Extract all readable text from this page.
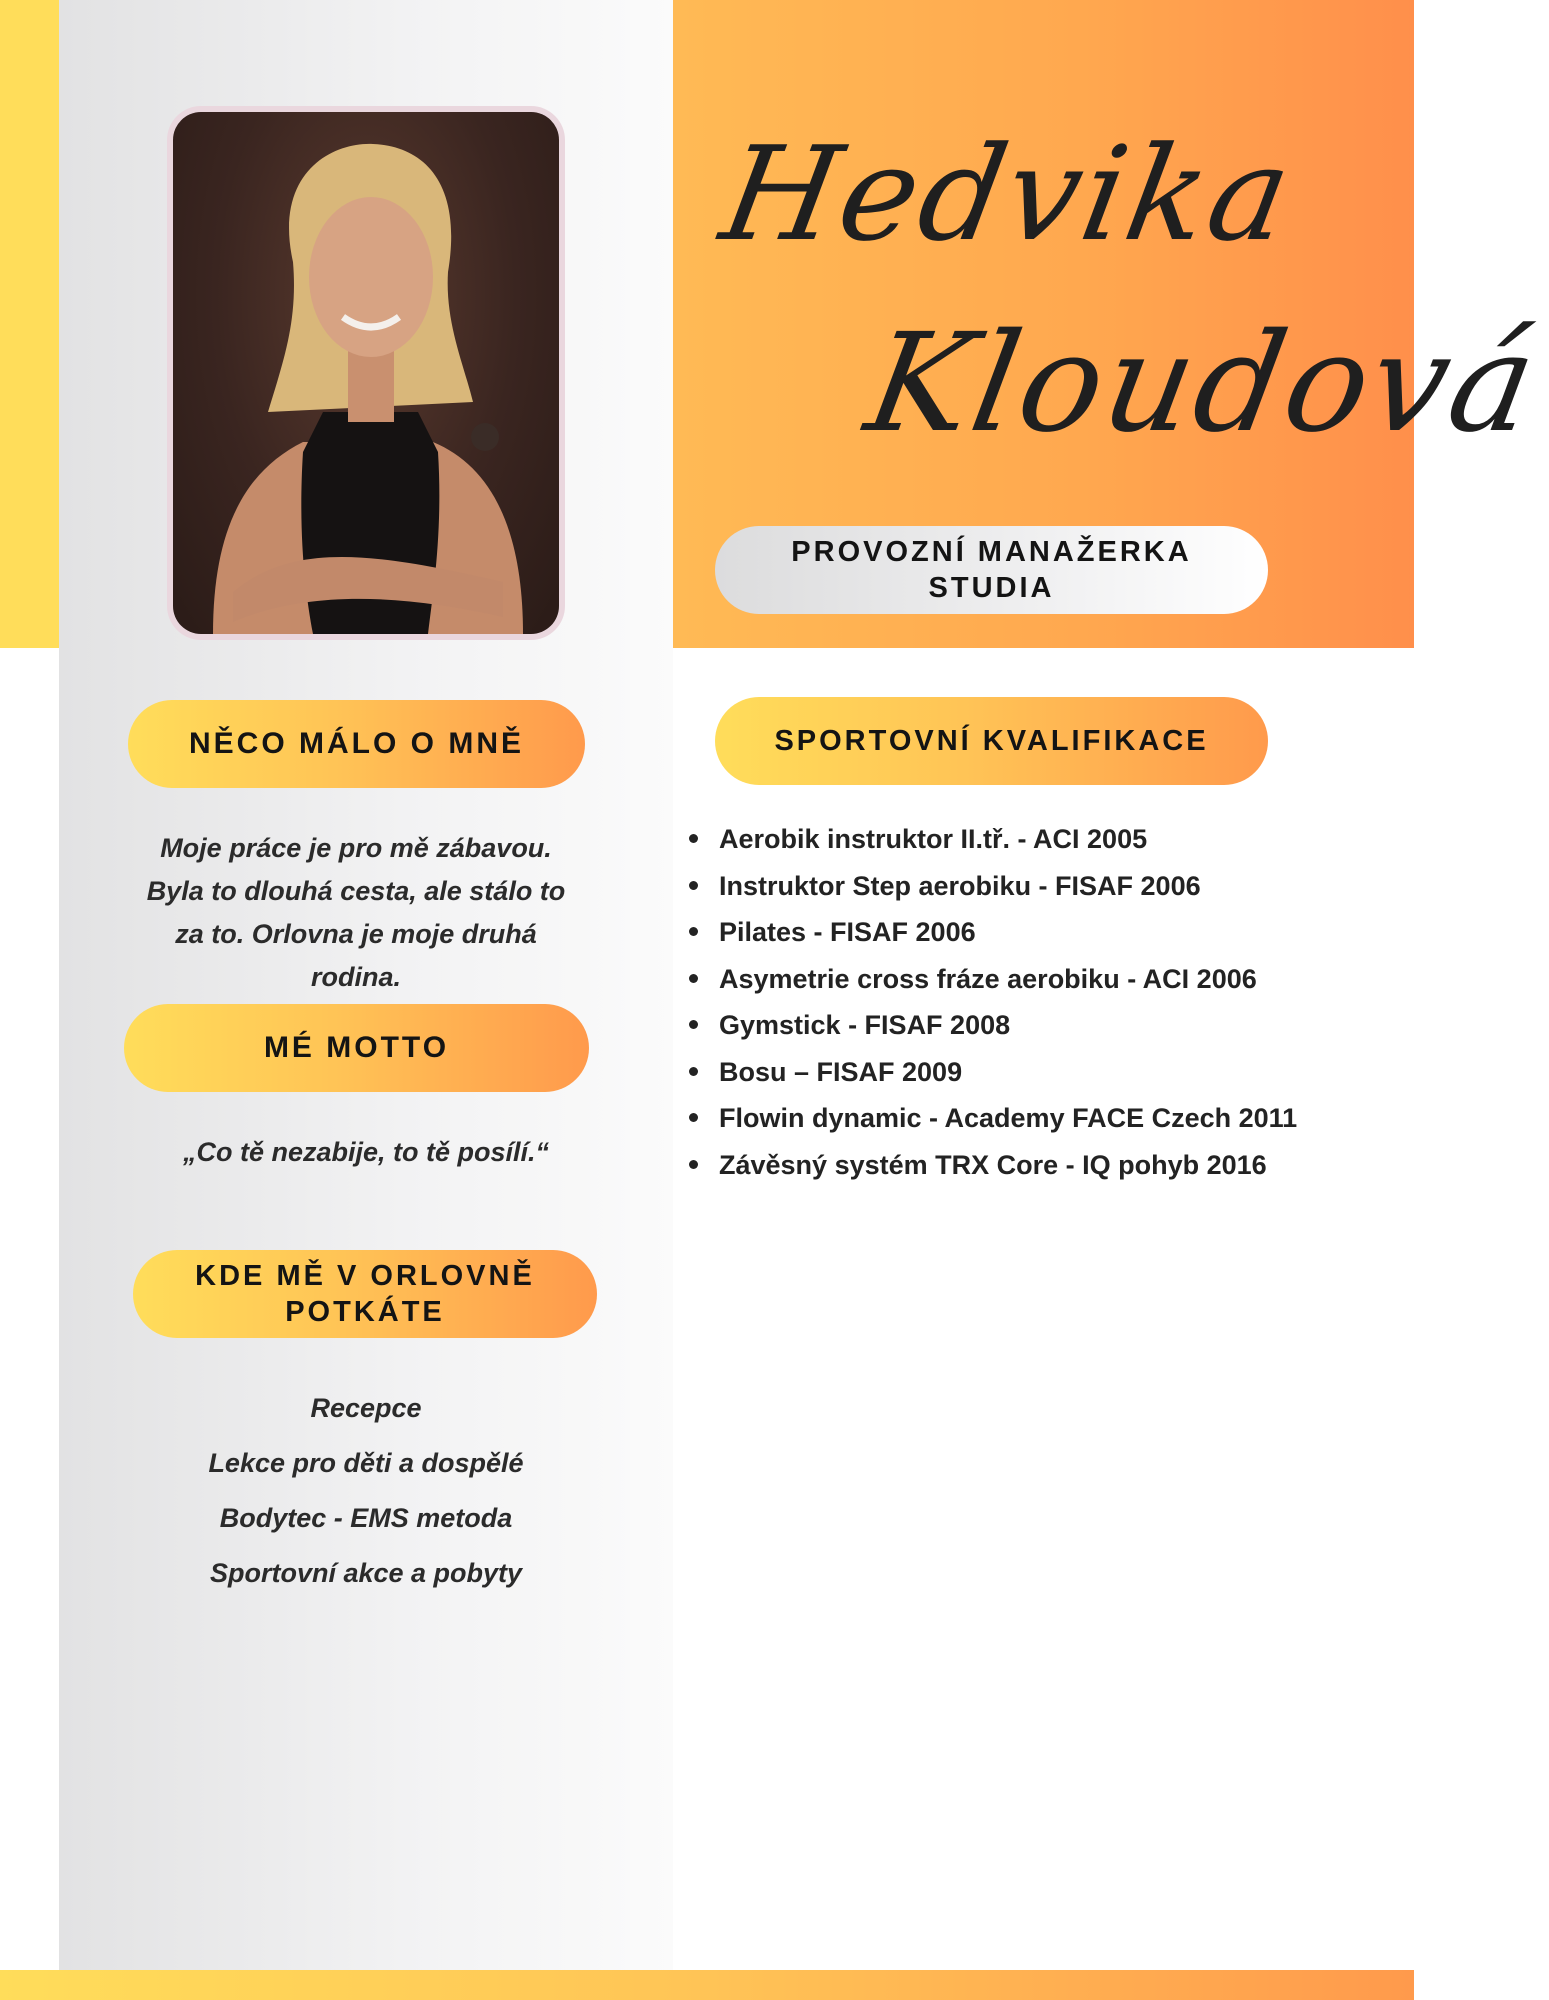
Hedvika
Kloudová
PROVOZNÍ MANAŽERKA STUDIA
NĚCO MÁLO O MNĚ
Moje práce je pro mě zábavou. Byla to dlouhá cesta, ale stálo to za to. Orlovna je moje druhá rodina.
MÉ MOTTO
„Co tě nezabije, to tě posílí.“
KDE MĚ V ORLOVNĚ POTKÁTE
Recepce
Lekce pro děti a dospělé
Bodytec - EMS metoda
Sportovní akce a pobyty
SPORTOVNÍ KVALIFIKACE
Aerobik instruktor II.tř. - ACI 2005
Instruktor Step aerobiku - FISAF 2006
Pilates - FISAF 2006
Asymetrie cross fráze aerobiku - ACI 2006
Gymstick - FISAF 2008
Bosu – FISAF 2009
Flowin dynamic - Academy FACE Czech 2011
Závěsný systém TRX Core - IQ pohyb 2016
